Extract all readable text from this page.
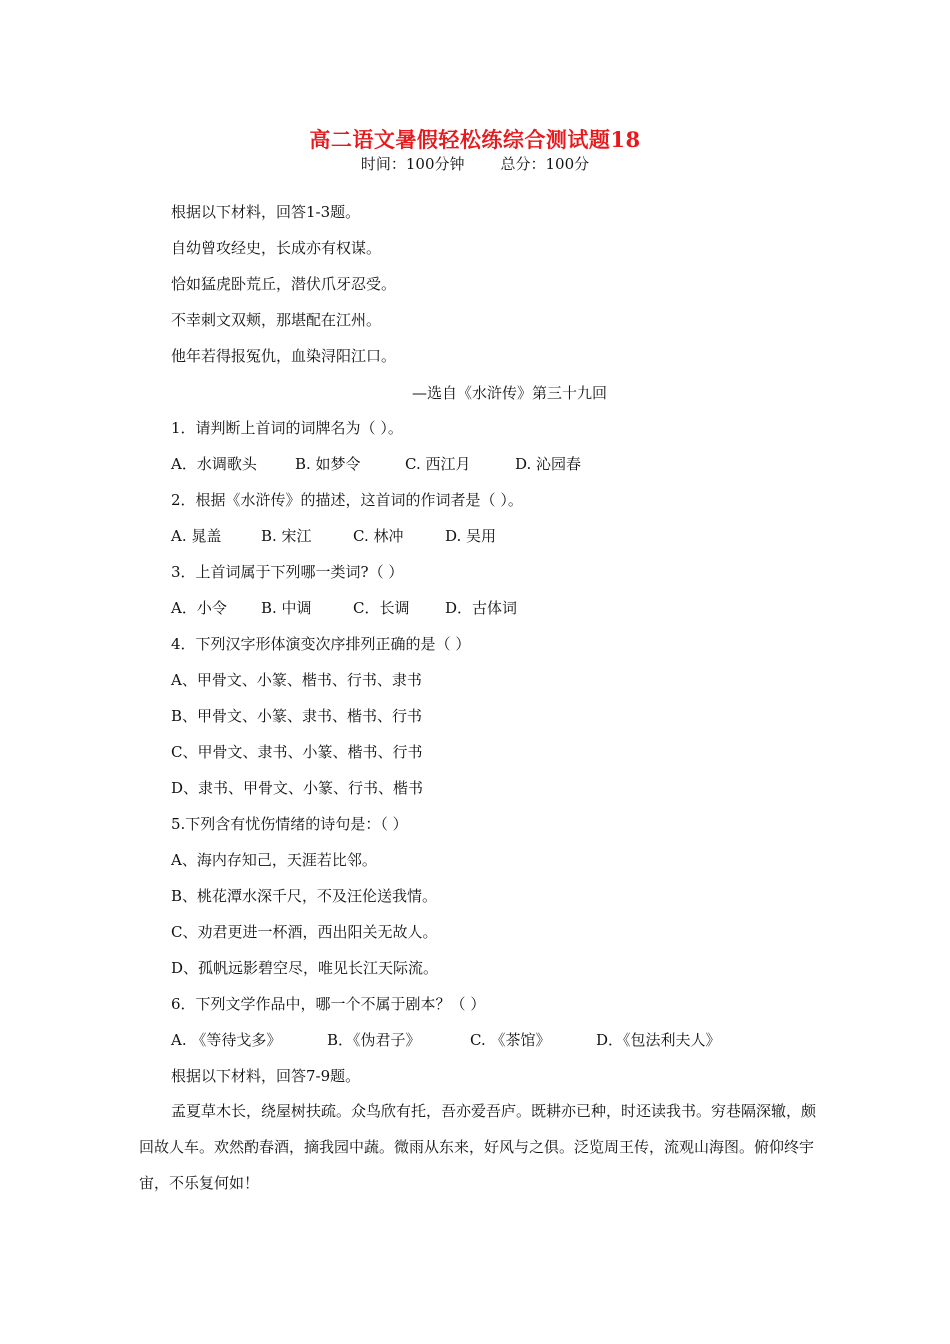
高二语文暑假轻松练综合测试题18
时间：100分钟 总分：100分
根据以下材料，回答1-3题。
自幼曾攻经史，长成亦有权谋。
恰如猛虎卧荒丘，潜伏爪牙忍受。
不幸刺文双颊，那堪配在江州。
他年若得报冤仇，血染浔阳江口。
—选自《水浒传》第三十九回
1．请判断上首词的词牌名为（ ）。
A．水调歌头	B. 如梦令	C. 西江月	D. 沁园春
2．根据《水浒传》的描述，这首词的作词者是（ ）。
A. 晁盖	B. 宋江	C. 林冲	D. 吴用
3．上首词属于下列哪一类词?（ ）
A．小令 B. 中调	C．长调 D．古体词
4．下列汉字形体演变次序排列正确的是（ ）
A、甲骨文、小篆、楷书、行书、隶书
B、甲骨文、小篆、隶书、楷书、行书
C、甲骨文、隶书、小篆、楷书、行书
D、隶书、甲骨文、小篆、行书、楷书
5.下列含有忧伤情绪的诗句是：（ ）
A、海内存知己，天涯若比邻。
B、桃花潭水深千尺，不及汪伦送我情。
C、劝君更进一杯酒，西出阳关无故人。
D、孤帆远影碧空尽，唯见长江天际流。
6．下列文学作品中，哪一个不属于剧本？（ ）
A. 《等待戈多》	B．《伪君子》	C. 《茶馆》	D．《包法利夫人》
根据以下材料，回答7-9题。
孟夏草木长，绕屋树扶疏。众鸟欣有托，吾亦爱吾庐。既耕亦已种，时还读我书。穷巷隔深辙，颇回故人车。欢然酌春酒，摘我园中蔬。微雨从东来，好风与之俱。泛览周王传，流观山海图。俯仰终宇宙，不乐复何如！
